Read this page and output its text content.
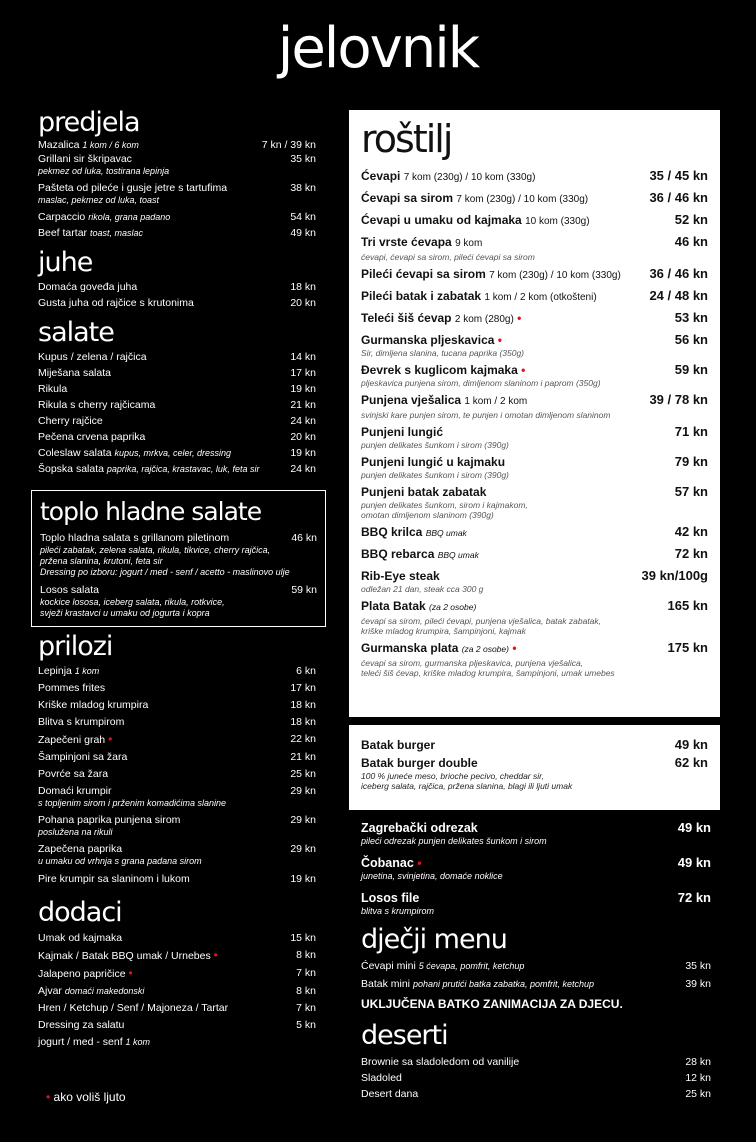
jelovnik
predjela
Mazalica 1 kom / 6 kom	7 kn / 39 kn
Grillani sir škripavac	35 kn
pekmez od luka, tostirana lepinja
Pašteta od pileće i gusje jetre s tartufima	38 kn
maslac, pekmez od luka, toast
Carpaccio rikola, grana padano	54 kn
Beef tartar toast, maslac	49 kn
juhe
Domaća goveđa juha	18 kn
Gusta juha od rajčice s krutonima	20 kn
salate
Kupus / zelena / rajčica	14 kn
Miješana salata	17 kn
Rikula	19 kn
Rikula s cherry rajčicama	21 kn
Cherry rajčice	24 kn
Pečena crvena paprika	20 kn
Coleslaw salata kupus, mrkva, celer, dressing	19 kn
Šopska salata paprika, rajčica, krastavac, luk, feta sir	24 kn
toplo hladne salate
Toplo hladna salata s grillanom piletinom	46 kn
pileći zabatak, zelena salata, rikula, tikvice, cherry rajčica,
pržena slanina, krutoni, feta sir
Dressing po izboru: jogurt / med - senf / acetto - maslinovo ulje
Losos salata	59 kn
kockice lososa, iceberg salata, rikula, rotkvice,
svježi krastavci u umaku od jogurta i kopra
prilozi
Lepinja 1 kom	6 kn
Pommes frites	17 kn
Kriške mladog krumpira	18 kn
Blitva s krumpirom	18 kn
Zapečeni grah •	22 kn
Šampinjoni sa žara	21 kn
Povrće sa žara	25 kn
Domaći krumpir	29 kn
s topljenim sirom i prženim komadićima slanine
Pohana paprika punjena sirom	29 kn
posluženа na rikuli
Zapečena paprika	29 kn
u umaku od vrhnja s grana padana sirom
Pire krumpir sa slaninom i lukom	19 kn
dodaci
Umak od kajmaka	15 kn
Kajmak / Batak BBQ umak / Urnebes •	8 kn
Jalapeno papričice •	7 kn
Ajvar domaći makedonski	8 kn
Hren / Ketchup / Senf / Majoneza / Tartar	7 kn
Dressing za salatu	5 kn
jogurt / med - senf 1 kom
• ako voliš ljuto
roštilj
Ćevapi 7 kom (230g) / 10 kom (330g)	35 / 45 kn
Ćevapi sa sirom 7 kom (230g) / 10 kom (330g)	36 / 46 kn
Ćevapi u umaku od kajmaka 10 kom (330g)	52 kn
Tri vrste ćevapa 9 kom	46 kn
ćevapi, ćevapi sa sirom, pileći ćevapi sa sirom
Pileći ćevapi sa sirom 7 kom (230g) / 10 kom (330g) 36 / 46 kn
Pileći batak i zabatak 1 kom / 2 kom (otkošteni)	24 / 48 kn
Teleći šiš ćevap 2 kom (280g) •	53 kn
Gurmanska pljeskavica •	56 kn
Sir, dimljena slanina, tucana paprika (350g)
Đevrek s kuglicom kajmaka •	59 kn
pljeskavica punjena sirom, dimljenom slaninom i paprom (350g)
Punjena vješalica 1 kom / 2 kom	39 / 78 kn
svinjski kare punjen sirom, te punjen i omotan dimljenom slaninom
Punjeni lungić	71 kn
punjen delikates šunkom i sirom (390g)
Punjeni lungić u kajmaku	79 kn
punjen delikates šunkom i sirom (390g)
Punjeni batak zabatak	57 kn
punjen delikates šunkom, sirom i kajmakom,
omotan dimljenom slaninom (390g)
BBQ krilca BBQ umak	42 kn
BBQ rebarca BBQ umak	72 kn
Rib-Eye steak	39 kn/100g
odležan 21 dan, steak cca 300 g
Plata Batak (za 2 osobe)	165 kn
ćevapi sa sirom, pileći ćevapi, punjena vješalica, batak zabatak,
kriške mladog krumpira, šampinjoni, kajmak
Gurmanska plata (za 2 osobe) •	175 kn
ćevapi sa sirom, gurmanska pljeskavica, punjena vješalica,
teleći šiš ćevap, kriške mladog krumpira, šampinjoni, umak umebes
Batak burger	49 kn
Batak burger double	62 kn
100 % juneće meso, brioche pecivo, cheddar sir,
iceberg salata, rajčica, pržena slanina, blagi ili ljuti umak
Zagrebački odrezak	49 kn
pileći odrezak punjen delikates šunkom i sirom
Čobanac •	49 kn
junetina, svinjetina, domaće noklice
Losos file	72 kn
blitva s krumpirom
dječji menu
Ćevapi mini 5 ćevapa, pomfrit, ketchup	35 kn
Batak mini pohani prutići batka zabatka, pomfrit, ketchup	39 kn
UKLJUČENA BATKO ZANIMACIJA ZA DJECU.
deserti
Brownie sa sladoledom od vanilije	28 kn
Sladoled	12 kn
Desert dana	25 kn
